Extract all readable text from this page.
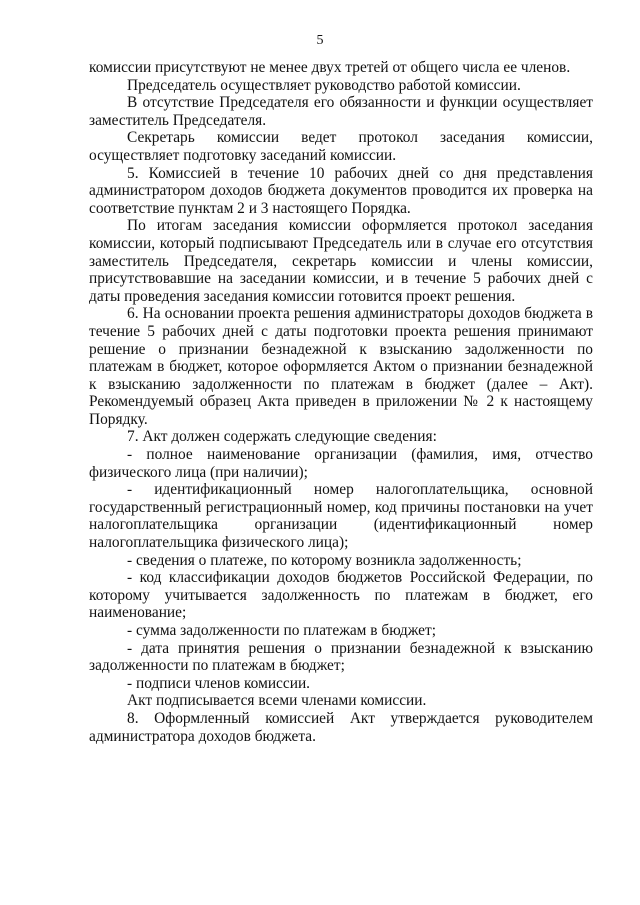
5

комиссии присутствуют не менее двух третей от общего числа ее членов.

Председатель осуществляет руководство работой комиссии.

В отсутствие Председателя его обязанности и функции осуществляет заместитель Председателя.

Секретарь комиссии ведет протокол заседания комиссии, осуществляет подготовку заседаний комиссии.

5. Комиссией в течение 10 рабочих дней со дня представления администратором доходов бюджета документов проводится их проверка на соответствие пунктам 2 и 3 настоящего Порядка.

По итогам заседания комиссии оформляется протокол заседания комиссии, который подписывают Председатель или в случае его отсутствия заместитель Председателя, секретарь комиссии и члены комиссии, присутствовавшие на заседании комиссии, и в течение 5 рабочих дней с даты проведения заседания комиссии готовится проект решения.

6. На основании проекта решения администраторы доходов бюджета в течение 5 рабочих дней с даты подготовки проекта решения принимают решение о признании безнадежной к взысканию задолженности по платежам в бюджет, которое оформляется Актом о признании безнадежной к взысканию задолженности по платежам в бюджет (далее – Акт). Рекомендуемый образец Акта приведен в приложении № 2 к настоящему Порядку.

7. Акт должен содержать следующие сведения:

- полное наименование организации (фамилия, имя, отчество физического лица (при наличии);

- идентификационный номер налогоплательщика, основной государственный регистрационный номер, код причины постановки на учет налогоплательщика организации (идентификационный номер налогоплательщика физического лица);

- сведения о платеже, по которому возникла задолженность;

- код классификации доходов бюджетов Российской Федерации, по которому учитывается задолженность по платежам в бюджет, его наименование;

- сумма задолженности по платежам в бюджет;

- дата принятия решения о признании безнадежной к взысканию задолженности по платежам в бюджет;

- подписи членов комиссии.

Акт подписывается всеми членами комиссии.

8. Оформленный комиссией Акт утверждается руководителем администратора доходов бюджета.
